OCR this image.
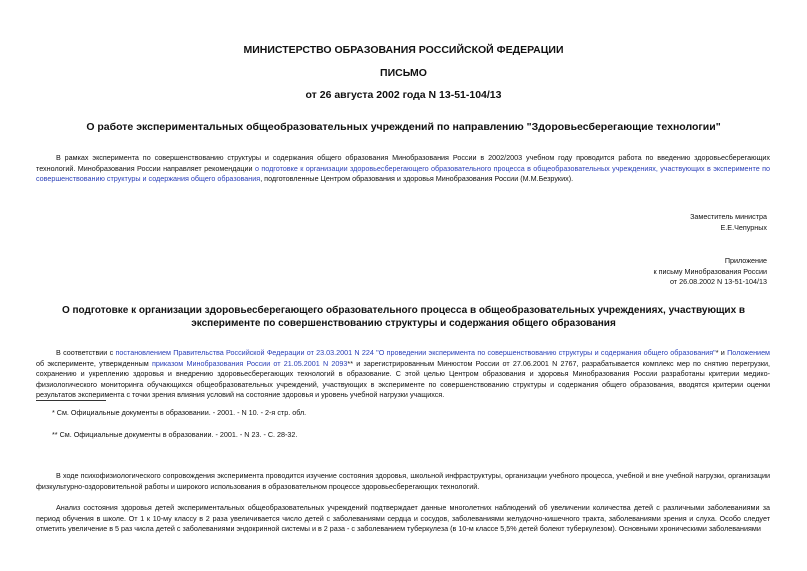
МИНИСТЕРСТВО ОБРАЗОВАНИЯ РОССИЙСКОЙ ФЕДЕРАЦИИ
ПИСЬМО
от 26 августа 2002 года N 13-51-104/13
О работе экспериментальных общеобразовательных учреждений по направлению "Здоровьесберегающие технологии"

В рамках эксперимента по совершенствованию структуры и содержания общего образования Минобразования России в 2002/2003 учебном году проводится работа по введению здоровьесберегающих технологий. Минобразования России направляет рекомендации о подготовке к организации здоровьесберегающего образовательного процесса в общеобразовательных учреждениях, участвующих в эксперименте по совершенствованию структуры и содержания общего образования, подготовленные Центром образования и здоровья Минобразования России (М.М.Безруких).

Заместитель министра
Е.Е.Чепурных
Приложение
к письму Минобразования России
от 26.08.2002 N 13-51-104/13
О подготовке к организации здоровьесберегающего образовательного процесса в общеобразовательных учреждениях, участвующих в эксперименте по совершенствованию структуры и содержания общего образования

В соответствии с постановлением Правительства Российской Федерации от 23.03.2001 N 224 "О проведении эксперимента по совершенствованию структуры и содержания общего образования"* и Положением об эксперименте, утвержденным приказом Минобразования России от 21.05.2001 N 2093** и зарегистрированным Минюстом России от 27.06.2001 N 2767, разрабатывается комплекс мер по снятию перегрузки, сохранению и укреплению здоровья и внедрению здоровьесберегающих технологий в образование. С этой целью Центром образования и здоровья Минобразования России разработаны критерии медико-физиологического мониторинга обучающихся общеобразовательных учреждений, участвующих в эксперименте по совершенствованию структуры и содержания общего образования, вводятся критерии оценки результатов эксперимента с точки зрения влияния условий на состояние здоровья и уровень учебной нагрузки учащихся.

* См. Официальные документы в образовании. - 2001. - N 10. - 2-я стр. обл.
** См. Официальные документы в образовании. - 2001. - N 23. - С. 28-32.

В ходе психофизиологического сопровождения эксперимента проводится изучение состояния здоровья, школьной инфраструктуры, организации учебного процесса, учебной и вне учебной нагрузки, организации физкультурно-оздоровительной работы и широкого использования в образовательном процессе здоровьесберегающих технологий.

Анализ состояния здоровья детей экспериментальных общеобразовательных учреждений подтверждает данные многолетних наблюдений об увеличении количества детей с различными заболеваниями за период обучения в школе. От 1 к 10-му классу в 2 раза увеличивается число детей с заболеваниями сердца и сосудов, заболеваниями желудочно-кишечного тракта, заболеваниями зрения и слуха. Особо следует отметить увеличение в 5 раз числа детей с заболеваниями эндокринной системы и в 2 раза - с заболеванием туберкулеза (в 10-м классе 5,5% детей болеют туберкулезом). Основными хроническими заболеваниями
